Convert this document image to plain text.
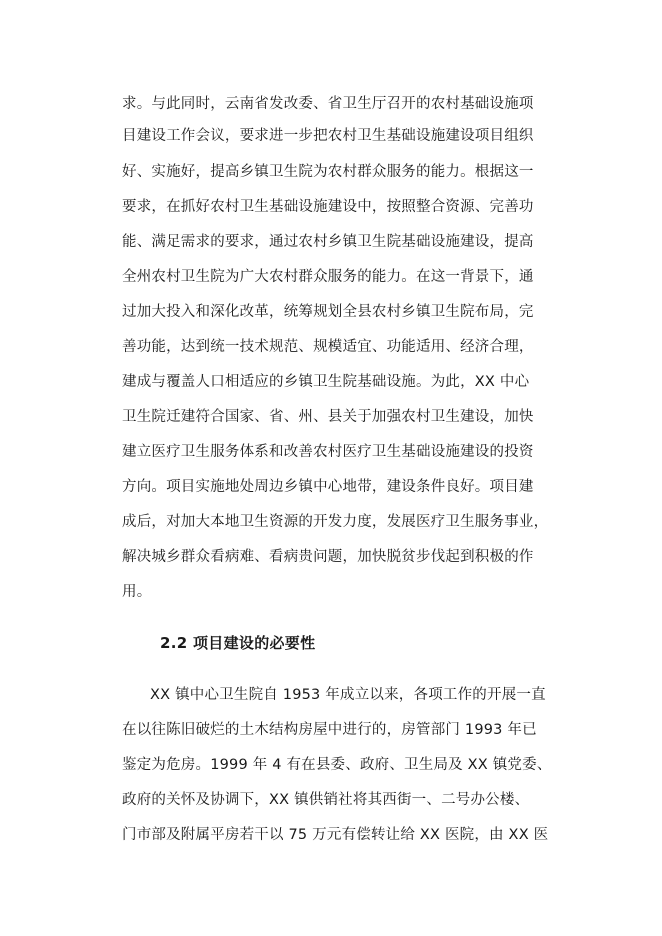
求。与此同时，云南省发改委、省卫生厅召开的农村基础设施项
目建设工作会议，要求进一步把农村卫生基础设施建设项目组织
好、实施好，提高乡镇卫生院为农村群众服务的能力。根据这一
要求，在抓好农村卫生基础设施建设中，按照整合资源、完善功
能、满足需求的要求，通过农村乡镇卫生院基础设施建设，提高
全州农村卫生院为广大农村群众服务的能力。在这一背景下，通
过加大投入和深化改革，统筹规划全县农村乡镇卫生院布局，完
善功能，达到统一技术规范、规模适宜、功能适用、经济合理，
建成与覆盖人口相适应的乡镇卫生院基础设施。为此，XX 中心
卫生院迁建符合国家、省、州、县关于加强农村卫生建设，加快
建立医疗卫生服务体系和改善农村医疗卫生基础设施建设的投资
方向。项目实施地处周边乡镇中心地带，建设条件良好。项目建
成后，对加大本地卫生资源的开发力度，发展医疗卫生服务事业，
解决城乡群众看病难、看病贵问题，加快脱贫步伐起到积极的作
用。
2.2 项目建设的必要性
XX 镇中心卫生院自 1953 年成立以来，各项工作的开展一直
在以往陈旧破烂的土木结构房屋中进行的，房管部门 1993 年已
鉴定为危房。1999 年 4 有在县委、政府、卫生局及 XX 镇党委、
政府的关怀及协调下，XX 镇供销社将其西街一、二号办公楼、
门市部及附属平房若干以 75 万元有偿转让给 XX 医院，由 XX 医
